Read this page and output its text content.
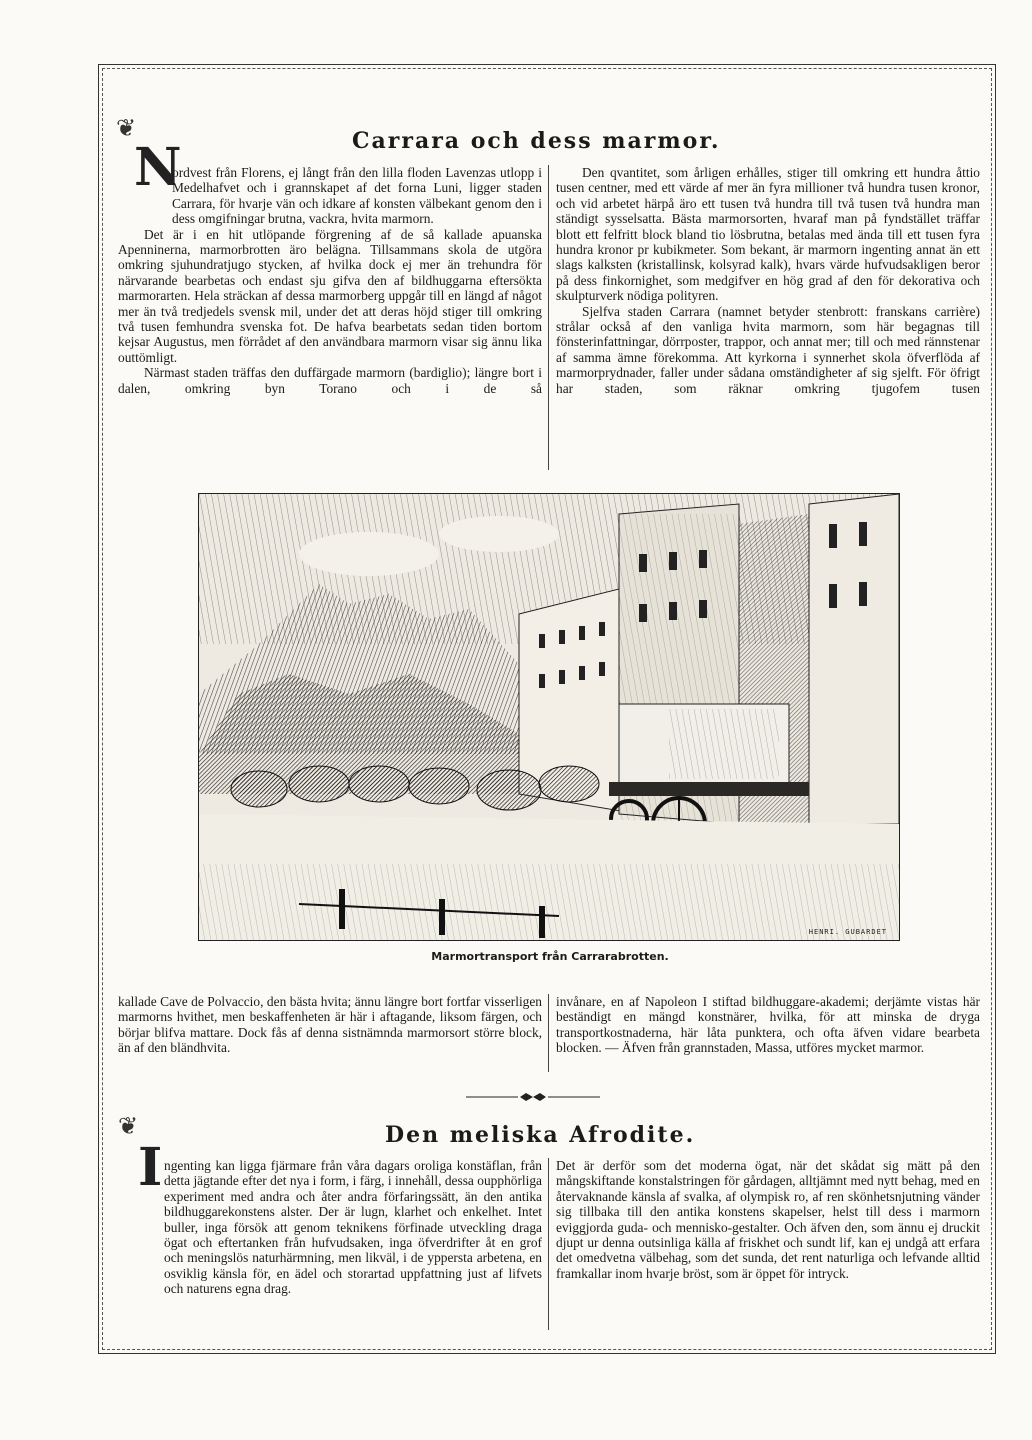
❦
N	Carrara och dess marmor.

ordvest från Florens, ej långt från den lilla floden Lavenzas utlopp i Medelhafvet och i grannskapet af det forna Luni, ligger staden Carrara, för hvarje vän och idkare af konsten välbekant genom den i dess omgifningar brutna, vackra, hvita marmorn.

Det är i en hit utlöpande förgrening af de så kallade apuanska Apenninerna, marmorbrotten äro belägna. Tillsammans skola de utgöra omkring sjuhundratjugo stycken, af hvilka dock ej mer än trehundra för närvarande bearbetas och endast sju gifva den af bildhuggarna eftersökta marmorarten. Hela sträckan af dessa marmorberg uppgår till en längd af något mer än två tredjedels svensk mil, under det att deras höjd stiger till omkring två tusen femhundra svenska fot. De hafva bearbetats sedan tiden bortom kejsar Augustus, men förrådet af den användbara marmorn visar sig ännu lika outtömligt.

Närmast staden träffas den duffärgade marmorn (bardiglio); längre bort i dalen, omkring byn Torano och i de så

Den qvantitet, som årligen erhålles, stiger till omkring ett hundra åttio tusen centner, med ett värde af mer än fyra millioner två hundra tusen kronor, och vid arbetet härpå äro ett tusen två hundra till två tusen två hundra man ständigt sysselsatta. Bästa marmorsorten, hvaraf man på fyndstället träffar blott ett felfritt block bland tio lösbrutna, betalas med ända till ett tusen fyra hundra kronor pr kubikmeter. Som bekant, är marmorn ingenting annat än ett slags kalksten (kristallinsk, kolsyrad kalk), hvars värde hufvudsakligen beror på dess finkornighet, som medgifver en hög grad af den för dekorativa och skulpturverk nödiga polityren.

Sjelfva staden Carrara (namnet betyder stenbrott: franskans carrière) strålar också af den vanliga hvita marmorn, som här begagnas till fönsterinfattningar, dörrposter, trappor, och annat mer; till och med rännstenar af samma ämne förekomma. Att kyrkorna i synnerhet skola öfverflöda af marmorprydnader, faller under sådana omständigheter af sig sjelft. För öfrigt har staden, som räknar omkring tjugofem tusen

HENRI. GUBARDET
Marmortransport från Carrarabrotten.

kallade Cave de Polvaccio, den bästa hvita; ännu längre bort fortfar visserligen marmorns hvithet, men beskaffenheten är här i aftagande, liksom färgen, och börjar blifva mattare. Dock fås af denna sistnämnda marmorsort större block, än af den bländhvita.

invånare, en af Napoleon I stiftad bildhuggare-akademi; derjämte vistas här beständigt en mängd konstnärer, hvilka, för att minska de dryga transportkostnaderna, här låta punktera, och ofta äfven vidare bearbeta blocken. — Äfven från grannstaden, Massa, utföres mycket marmor.

❦
I
Den meliska Afrodite.

ngenting kan ligga fjärmare från våra dagars oroliga konstäflan, från detta jägtande efter det nya i form, i färg, i innehåll, dessa oupphörliga experiment med andra och åter andra förfaringssätt, än den antika bildhuggarekonstens alster. Der är lugn, klarhet och enkelhet. Intet buller, inga försök att genom teknikens förfinade utveckling draga ögat och eftertanken från hufvudsaken, inga öfverdrifter åt en grof och meningslös naturhärmning, men likväl, i de yppersta arbetena, en osviklig känsla för, en ädel och storartad uppfattning just af lifvets och naturens egna drag.

Det är derför som det moderna ögat, när det skådat sig mätt på den mångskiftande konstalstringen för gårdagen, alltjämnt med nytt behag, med en återvaknande känsla af svalka, af olympisk ro, af ren skönhetsnjutning vänder sig tillbaka till den antika konstens skapelser, helst till dess i marmorn eviggjorda guda- och mennisko-gestalter. Och äfven den, som ännu ej druckit djupt ur denna outsinliga källa af friskhet och sundt lif, kan ej undgå att erfara det omedvetna välbehag, som det sunda, det rent naturliga och lefvande alltid framkallar inom hvarje bröst, som är öppet för intryck.
